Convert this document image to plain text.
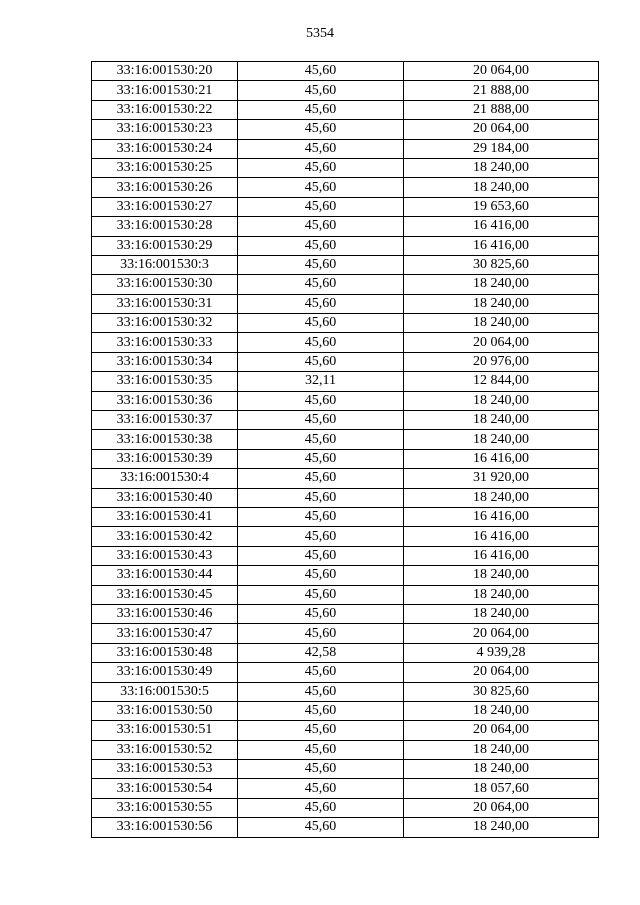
5354
33:16:001530:20	45,60	20 064,00
33:16:001530:21	45,60	21 888,00
33:16:001530:22	45,60	21 888,00
33:16:001530:23	45,60	20 064,00
33:16:001530:24	45,60	29 184,00
33:16:001530:25	45,60	18 240,00
33:16:001530:26	45,60	18 240,00
33:16:001530:27	45,60	19 653,60
33:16:001530:28	45,60	16 416,00
33:16:001530:29	45,60	16 416,00
33:16:001530:3	45,60	30 825,60
33:16:001530:30	45,60	18 240,00
33:16:001530:31	45,60	18 240,00
33:16:001530:32	45,60	18 240,00
33:16:001530:33	45,60	20 064,00
33:16:001530:34	45,60	20 976,00
33:16:001530:35	32,11	12 844,00
33:16:001530:36	45,60	18 240,00
33:16:001530:37	45,60	18 240,00
33:16:001530:38	45,60	18 240,00
33:16:001530:39	45,60	16 416,00
33:16:001530:4	45,60	31 920,00
33:16:001530:40	45,60	18 240,00
33:16:001530:41	45,60	16 416,00
33:16:001530:42	45,60	16 416,00
33:16:001530:43	45,60	16 416,00
33:16:001530:44	45,60	18 240,00
33:16:001530:45	45,60	18 240,00
33:16:001530:46	45,60	18 240,00
33:16:001530:47	45,60	20 064,00
33:16:001530:48	42,58	4 939,28
33:16:001530:49	45,60	20 064,00
33:16:001530:5	45,60	30 825,60
33:16:001530:50	45,60	18 240,00
33:16:001530:51	45,60	20 064,00
33:16:001530:52	45,60	18 240,00
33:16:001530:53	45,60	18 240,00
33:16:001530:54	45,60	18 057,60
33:16:001530:55	45,60	20 064,00
33:16:001530:56	45,60	18 240,00
